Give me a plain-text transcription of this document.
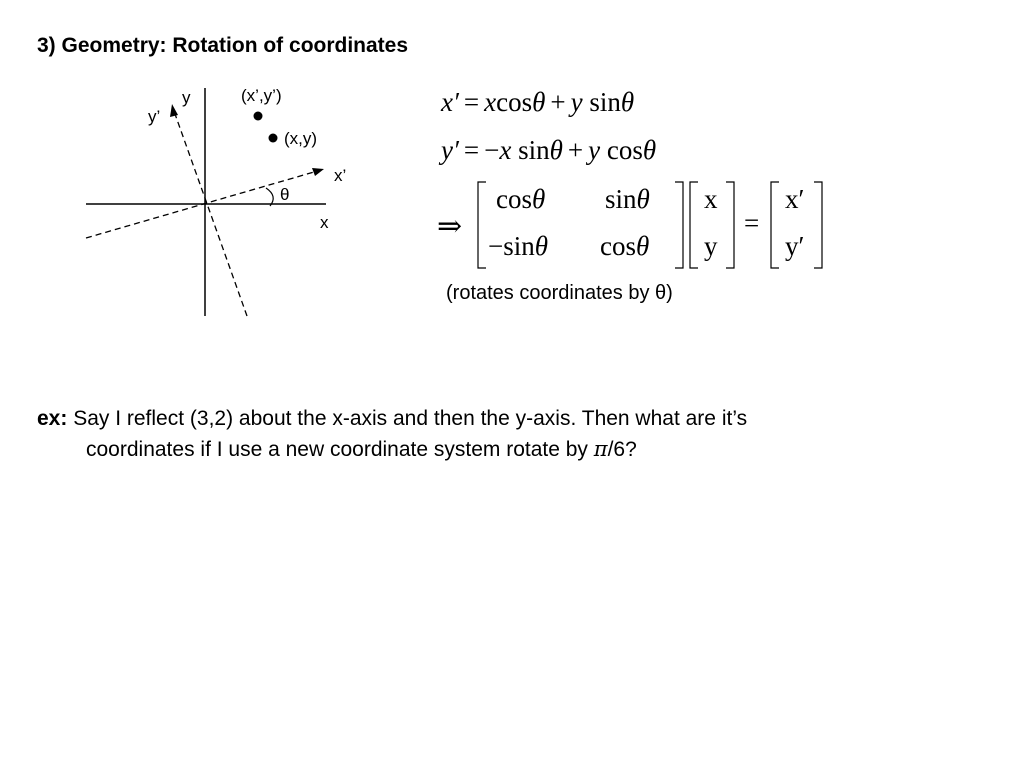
3) Geometry: Rotation of coordinates
y
y’
(x’,y’)
(x,y)
x’
θ
x
x′ = xcosθ + y sinθ
y′ = −x sinθ + y cosθ
⇒
cosθ sinθ
−sinθ cosθ
x
y
=
x′
y′
(rotates coordinates by θ)
ex: Say I reflect (3,2) about the x-axis and then the y-axis. Then what are it’s
coordinates if I use a new coordinate system rotate by π/6?
